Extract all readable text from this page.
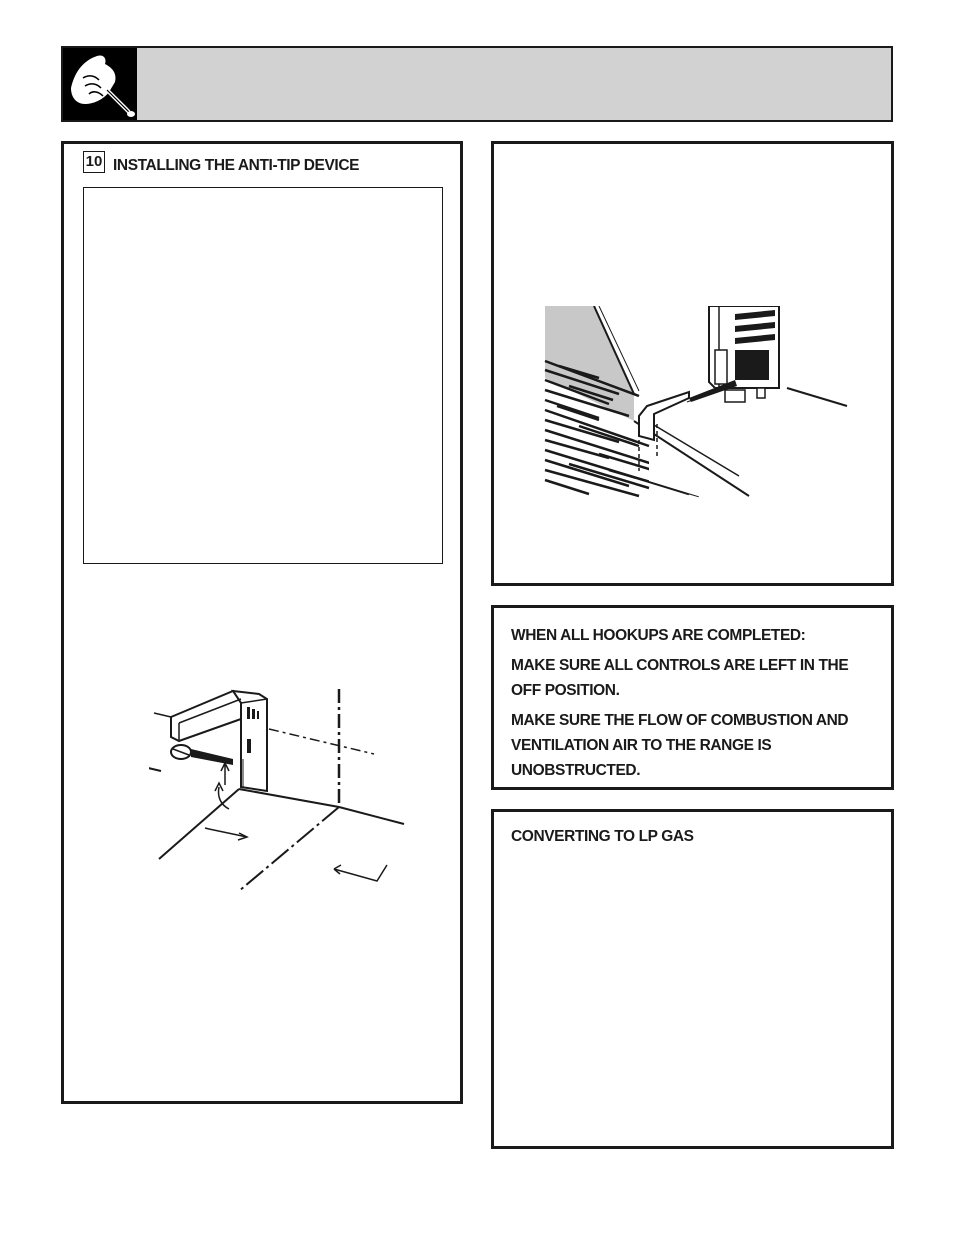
10 INSTALLING THE ANTI-TIP DEVICE

WHEN ALL HOOKUPS ARE COMPLETED:

MAKE SURE ALL CONTROLS ARE LEFT IN THE OFF POSITION.

MAKE SURE THE FLOW OF COMBUSTION AND VENTILATION AIR TO THE RANGE IS UNOBSTRUCTED.

CONVERTING TO LP GAS
